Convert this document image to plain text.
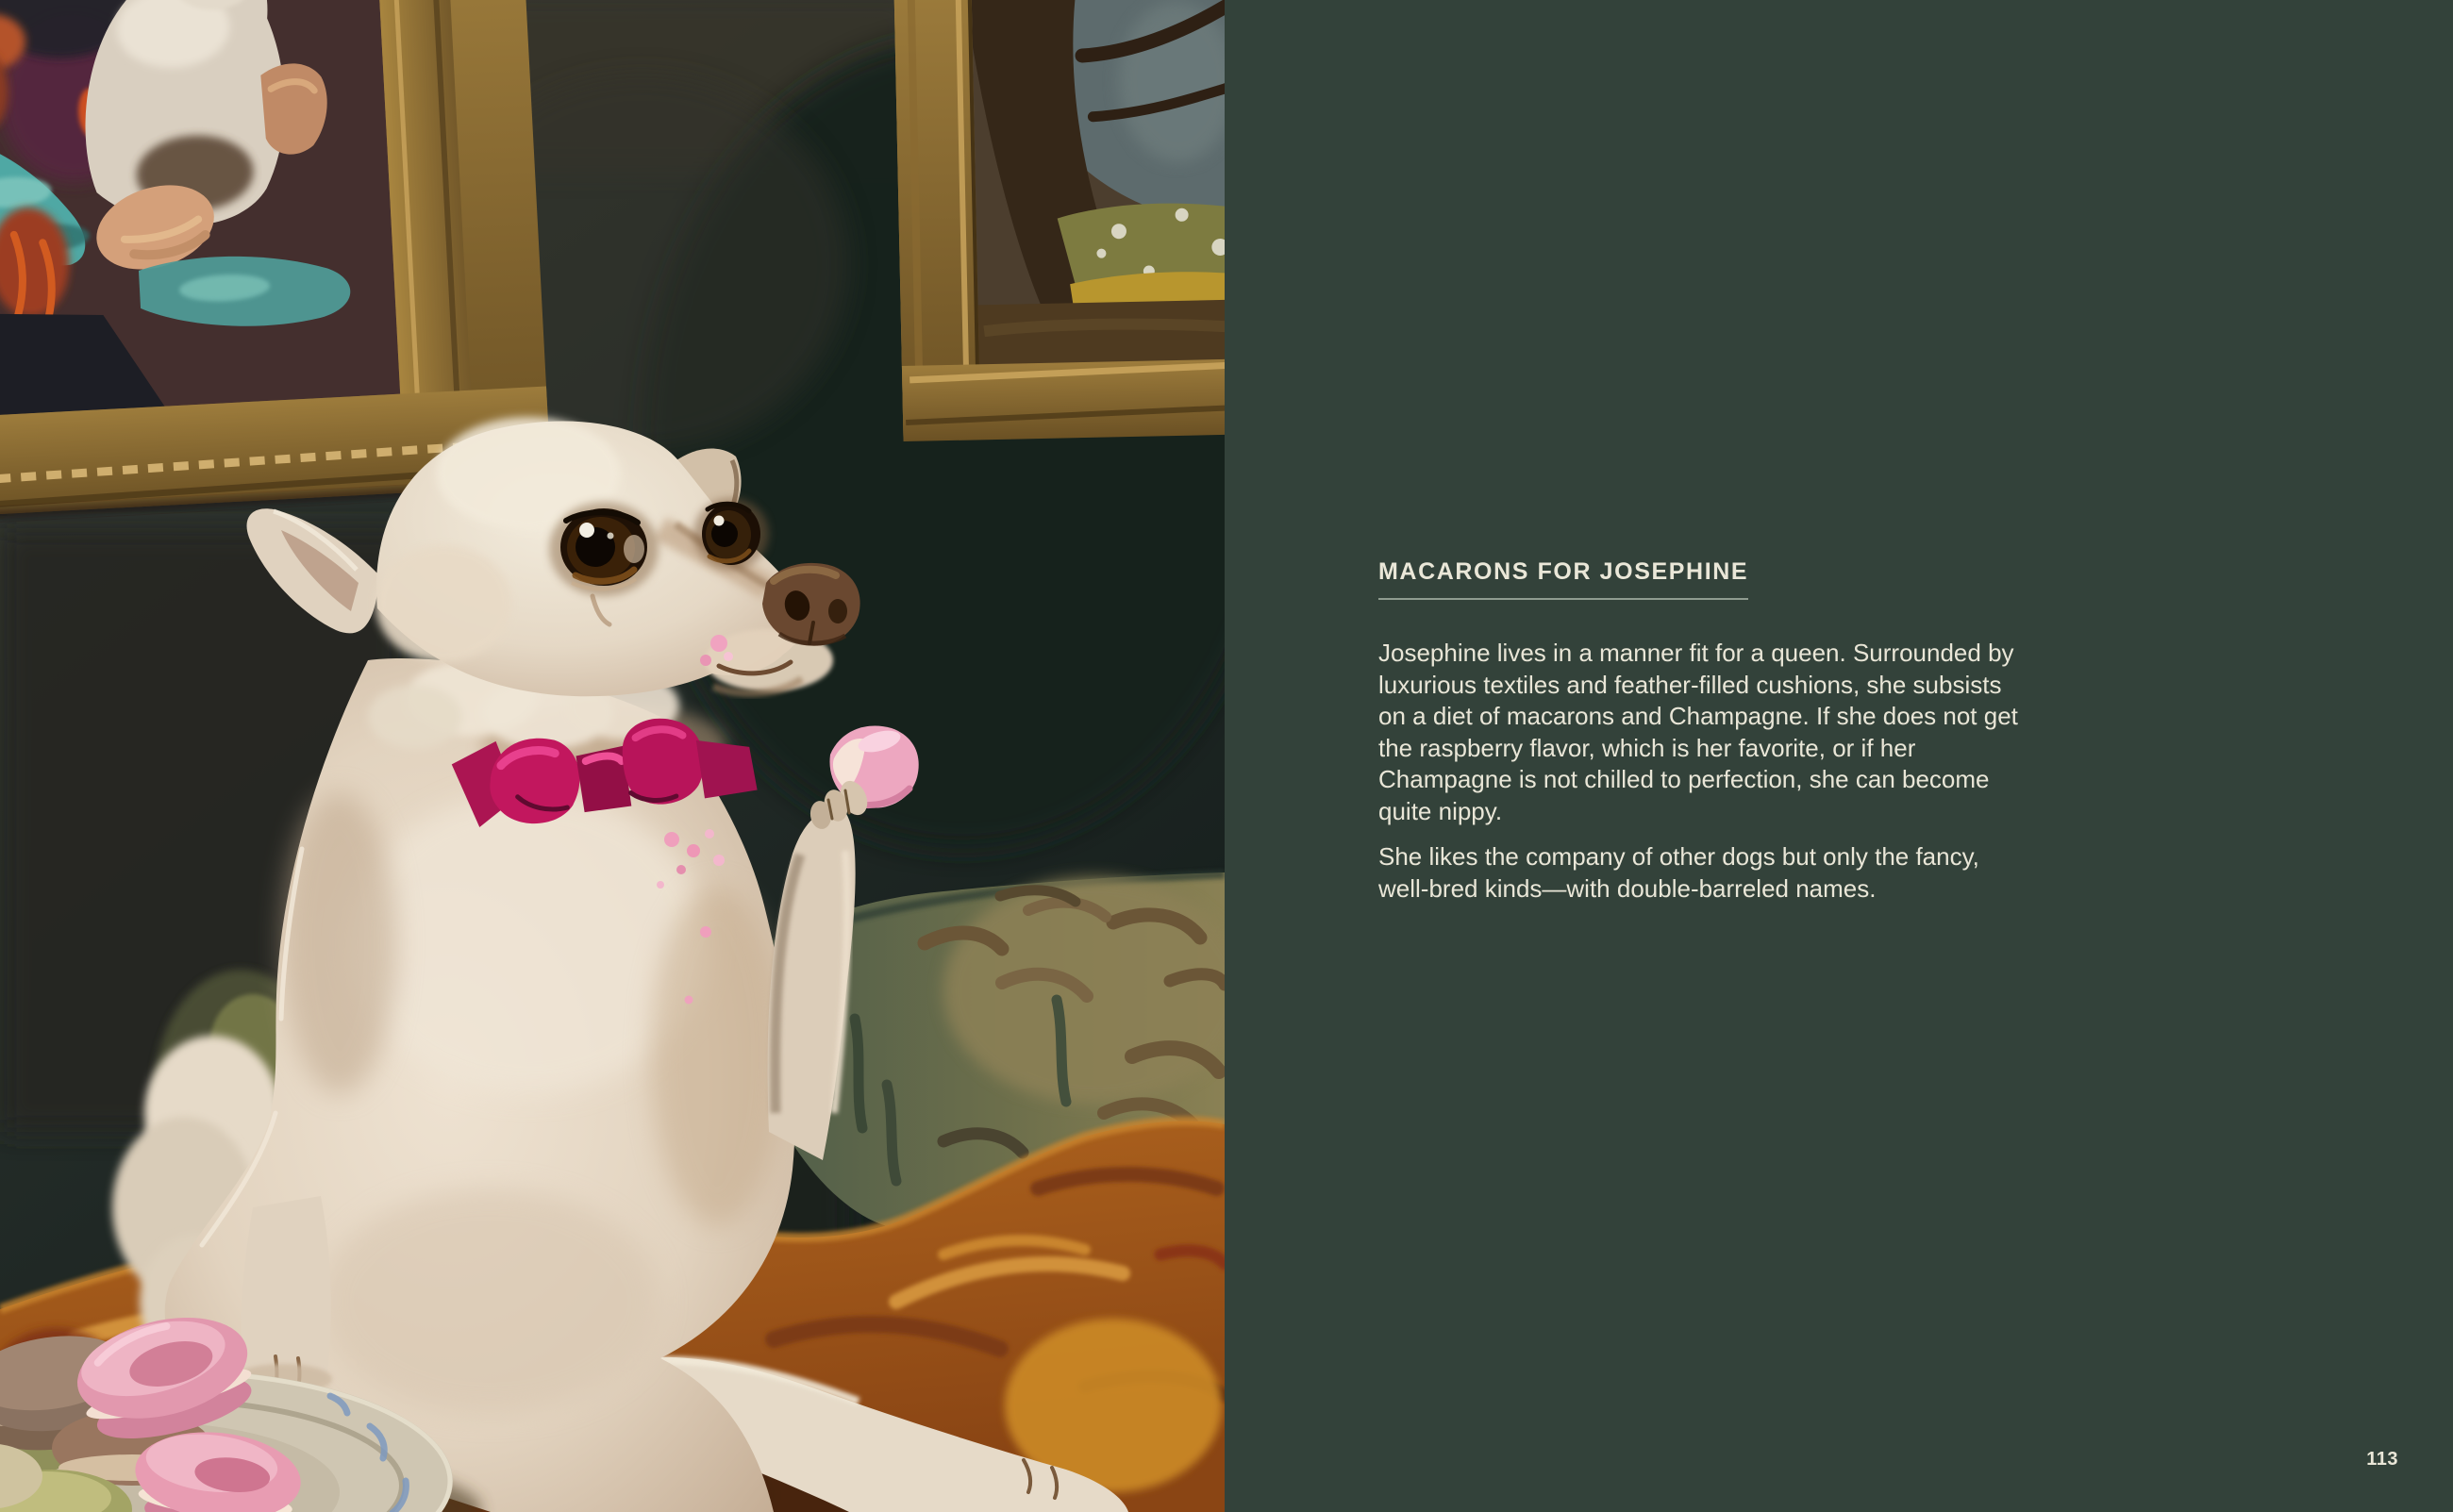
MACARONS FOR JOSEPHINE

Josephine lives in a manner fit for a queen. Surrounded by luxurious textiles and feather-filled cushions, she subsists on a diet of macarons and Champagne. If she does not get the raspberry flavor, which is her favorite, or if her Champagne is not chilled to perfection, she can become quite nippy.

She likes the company of other dogs but only the fancy, well-bred kinds—with double-barreled names.

113
